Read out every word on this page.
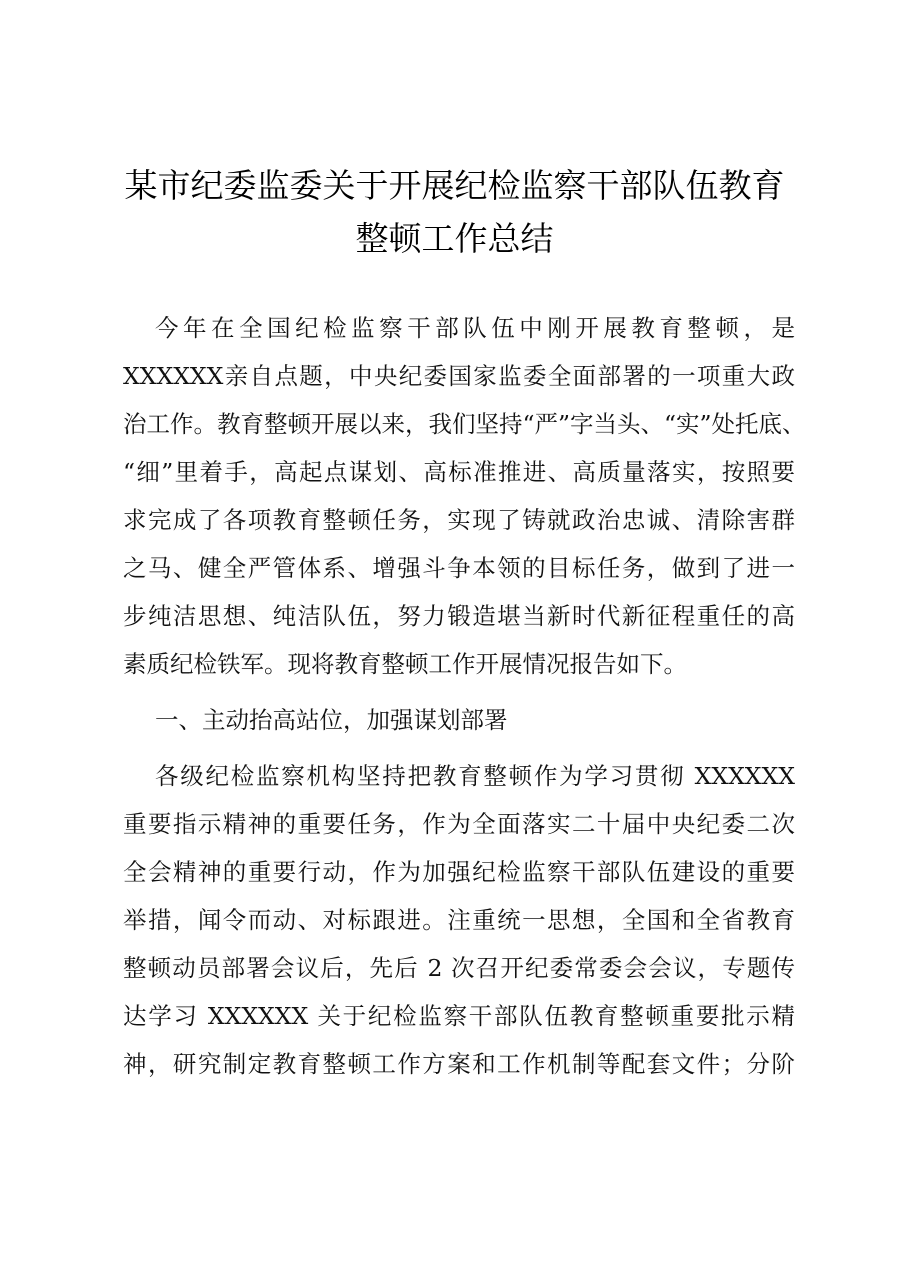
某市纪委监委关于开展纪检监察干部队伍教育
整顿工作总结
今年在全国纪检监察干部队伍中刚开展教育整顿，是
XXXXXX亲自点题，中央纪委国家监委全面部署的一项重大政
治工作。教育整顿开展以来，我们坚持“严”字当头、“实”处托底、
“细”里着手，高起点谋划、高标准推进、高质量落实，按照要
求完成了各项教育整顿任务，实现了铸就政治忠诚、清除害群
之马、健全严管体系、增强斗争本领的目标任务，做到了进一
步纯洁思想、纯洁队伍，努力锻造堪当新时代新征程重任的高
素质纪检铁军。现将教育整顿工作开展情况报告如下。
一、主动抬高站位，加强谋划部署
各级纪检监察机构坚持把教育整顿作为学习贯彻 XXXXXX
重要指示精神的重要任务，作为全面落实二十届中央纪委二次
全会精神的重要行动，作为加强纪检监察干部队伍建设的重要
举措，闻令而动、对标跟进。注重统一思想，全国和全省教育
整顿动员部署会议后，先后 2 次召开纪委常委会会议，专题传
达学习 XXXXXX 关于纪检监察干部队伍教育整顿重要批示精
神，研究制定教育整顿工作方案和工作机制等配套文件；分阶
